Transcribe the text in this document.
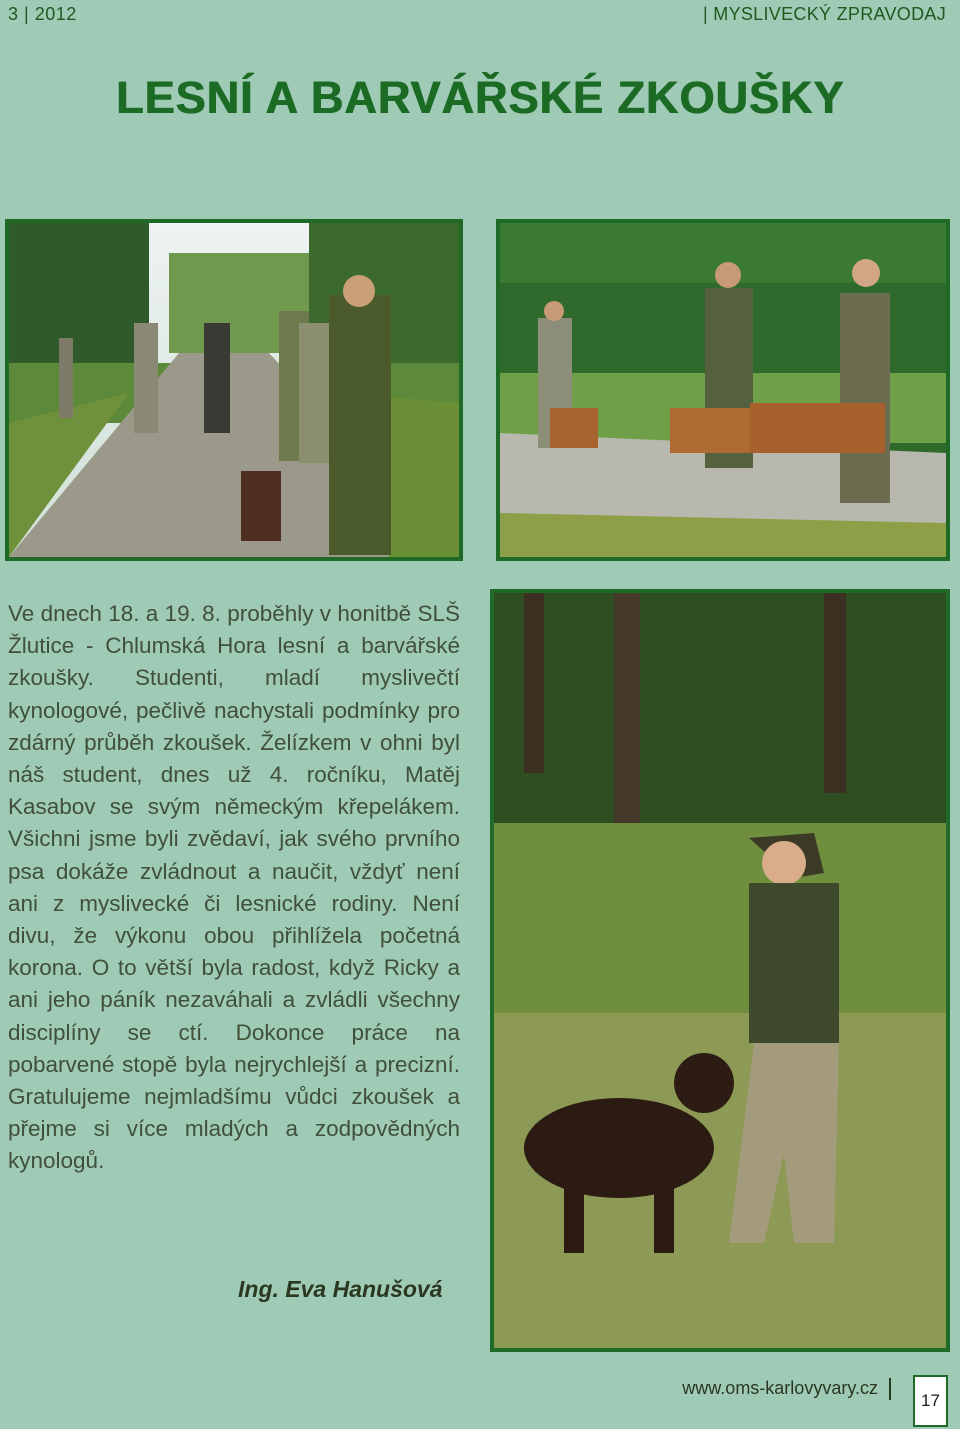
3 | 2012	| MYSLIVECKÝ ZPRAVODAJ
LESNÍ A BARVÁŘSKÉ ZKOUŠKY
Ve dnech 18. a 19. 8. proběhly v honitbě SLŠ Žlutice - Chlumská Hora lesní a barvářské zkoušky. Studenti, mladí myslivečtí kynologové, pečlivě nachystali podmínky pro zdárný průběh zkoušek. Želízkem v ohni byl náš student, dnes už 4. ročníku, Matěj Kasabov se svým německým křepelákem. Všichni jsme byli zvědaví, jak svého prvního psa dokáže zvládnout a naučit, vždyť není ani z myslivecké či lesnické rodiny. Není divu, že výkonu obou přihlížela početná korona. O to větší byla radost, když Ricky a ani jeho páník nezaváhali a zvládli všechny disciplíny se ctí. Dokonce práce na pobarvené stopě byla nejrychlejší a precizní. Gratulujeme nejmladšímu vůdci zkoušek a přejme si více mladých a zodpovědných kynologů.
Ing. Eva Hanušová
www.oms-karlovyvary.cz
17
